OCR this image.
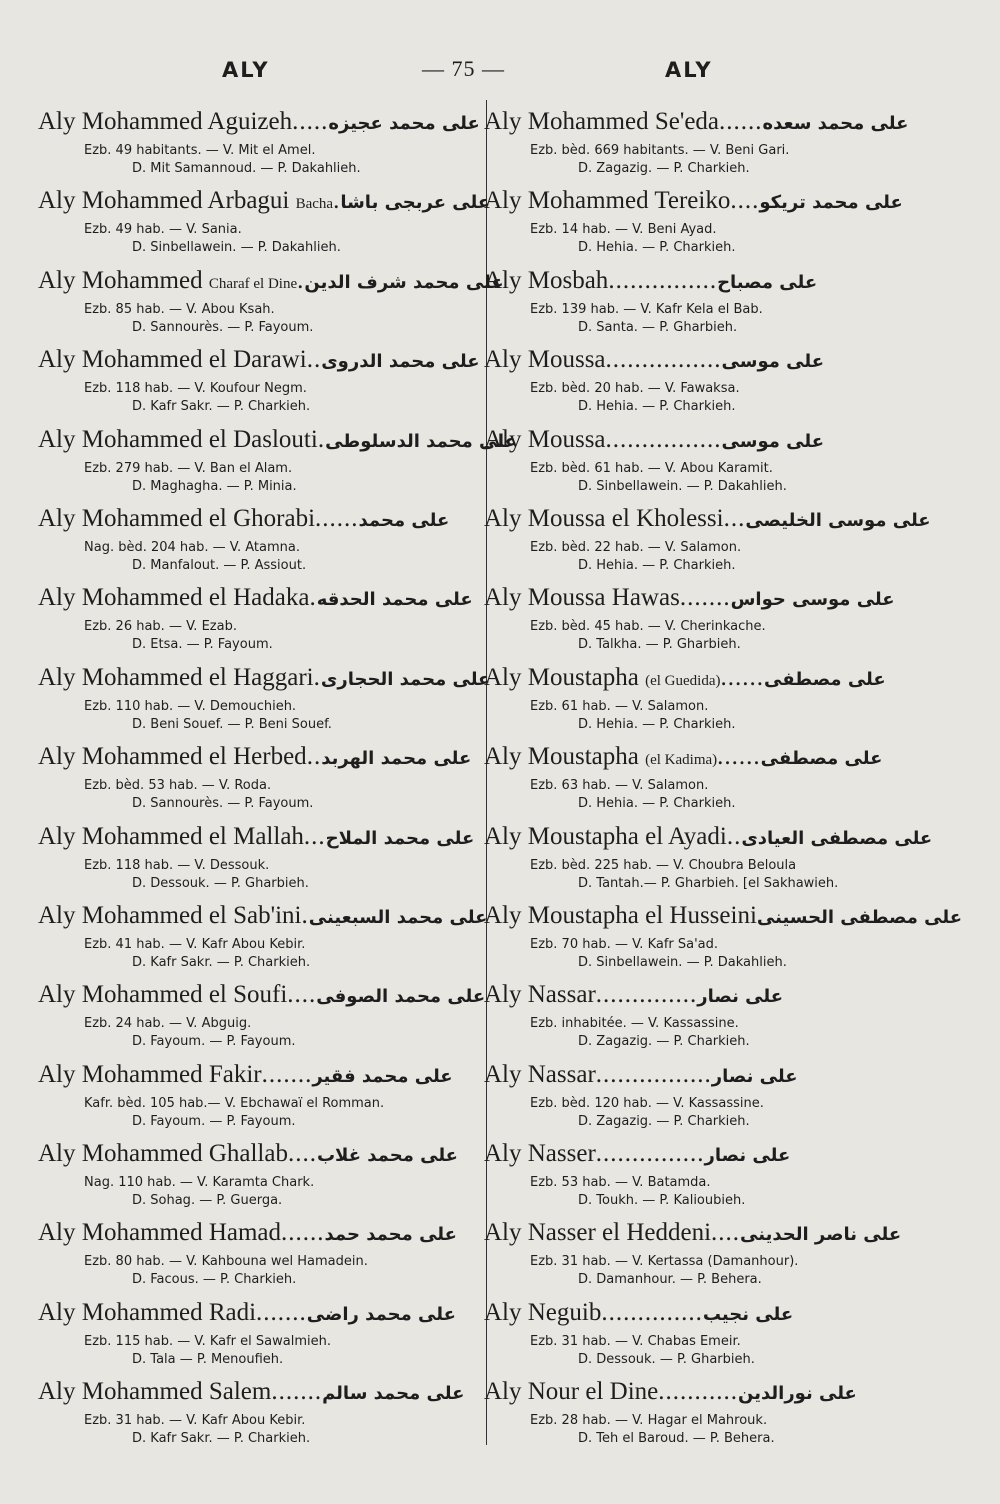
ALY	— 75 —	ALY
Aly Mohammed Aguizeh.....على محمد عجيزه
Ezb. 49 habitants. — V. Mit el Amel.
D. Mit Samannoud. — P. Dakahlieh.
Aly Mohammed Arbagui Bacha.على عربجى باشا
Ezb. 49 hab. — V. Sania.
D. Sinbellawein. — P. Dakahlieh.
Aly Mohammed Charaf el Dine.على محمد شرف الدين
Ezb. 85 hab. — V. Abou Ksah.
D. Sannourès. — P. Fayoum.
Aly Mohammed el Darawi..على محمد الدروى
Ezb. 118 hab. — V. Koufour Negm.
D. Kafr Sakr. — P. Charkieh.
Aly Mohammed el Daslouti.على محمد الدسلوطى
Ezb. 279 hab. — V. Ban el Alam.
D. Maghagha. — P. Minia.
Aly Mohammed el Ghorabi......على محمد
Nag. bèd. 204 hab. — V. Atamna.
D. Manfalout. — P. Assiout.
Aly Mohammed el Hadaka.على محمد الحدقه
Ezb. 26 hab. — V. Ezab.
D. Etsa. — P. Fayoum.
Aly Mohammed el Haggari.على محمد الحجارى
Ezb. 110 hab. — V. Demouchieh.
D. Beni Souef. — P. Beni Souef.
Aly Mohammed el Herbed..على محمد الهربد
Ezb. bèd. 53 hab. — V. Roda.
D. Sannourès. — P. Fayoum.
Aly Mohammed el Mallah...على محمد الملاح
Ezb. 118 hab. — V. Dessouk.
D. Dessouk. — P. Gharbieh.
Aly Mohammed el Sab'ini.على محمد السبعينى
Ezb. 41 hab. — V. Kafr Abou Kebir.
D. Kafr Sakr. — P. Charkieh.
Aly Mohammed el Soufi....على محمد الصوفى
Ezb. 24 hab. — V. Abguig.
D. Fayoum. — P. Fayoum.
Aly Mohammed Fakir.......على محمد فقير
Kafr. bèd. 105 hab.— V. Ebchawaï el Romman.
D. Fayoum. — P. Fayoum.
Aly Mohammed Ghallab....على محمد غلاب
Nag. 110 hab. — V. Karamta Chark.
D. Sohag. — P. Guerga.
Aly Mohammed Hamad......على محمد حمد
Ezb. 80 hab. — V. Kahbouna wel Hamadein.
D. Facous. — P. Charkieh.
Aly Mohammed Radi.......على محمد راضى
Ezb. 115 hab. — V. Kafr el Sawalmieh.
D. Tala — P. Menoufieh.
Aly Mohammed Salem.......على محمد سالم
Ezb. 31 hab. — V. Kafr Abou Kebir.
D. Kafr Sakr. — P. Charkieh.
Aly Mohammed Se'eda......على محمد سعده
Ezb. bèd. 669 habitants. — V. Beni Gari.
D. Zagazig. — P. Charkieh.
Aly Mohammed Tereiko....على محمد تريكو
Ezb. 14 hab. — V. Beni Ayad.
D. Hehia. — P. Charkieh.
Aly Mosbah...............على مصباح
Ezb. 139 hab. — V. Kafr Kela el Bab.
D. Santa. — P. Gharbieh.
Aly Moussa................على موسى
Ezb. bèd. 20 hab. — V. Fawaksa.
D. Hehia. — P. Charkieh.
Aly Moussa................على موسى
Ezb. bèd. 61 hab. — V. Abou Karamit.
D. Sinbellawein. — P. Dakahlieh.
Aly Moussa el Kholessi...على موسى الخليصى
Ezb. bèd. 22 hab. — V. Salamon.
D. Hehia. — P. Charkieh.
Aly Moussa Hawas.......على موسى حواس
Ezb. bèd. 45 hab. — V. Cherinkache.
D. Talkha. — P. Gharbieh.
Aly Moustapha (el Guedida)......على مصطفى
Ezb. 61 hab. — V. Salamon.
D. Hehia. — P. Charkieh.
Aly Moustapha (el Kadima)......على مصطفى
Ezb. 63 hab. — V. Salamon.
D. Hehia. — P. Charkieh.
Aly Moustapha el Ayadi..على مصطفى العيادى
Ezb. bèd. 225 hab. — V. Choubra Beloula
D. Tantah.— P. Gharbieh. [el Sakhawieh.
Aly Moustapha el Husseiniعلى مصطفى الحسينى
Ezb. 70 hab. — V. Kafr Sa'ad.
D. Sinbellawein. — P. Dakahlieh.
Aly Nassar..............على نصار
Ezb. inhabitée. — V. Kassassine.
D. Zagazig. — P. Charkieh.
Aly Nassar................على نصار
Ezb. bèd. 120 hab. — V. Kassassine.
D. Zagazig. — P. Charkieh.
Aly Nasser...............على نصار
Ezb. 53 hab. — V. Batamda.
D. Toukh. — P. Kalioubieh.
Aly Nasser el Heddeni....على ناصر الحدينى
Ezb. 31 hab. — V. Kertassa (Damanhour).
D. Damanhour. — P. Behera.
Aly Neguib..............على نجيب
Ezb. 31 hab. — V. Chabas Emeir.
D. Dessouk. — P. Gharbieh.
Aly Nour el Dine...........على نورالدين
Ezb. 28 hab. — V. Hagar el Mahrouk.
D. Teh el Baroud. — P. Behera.
